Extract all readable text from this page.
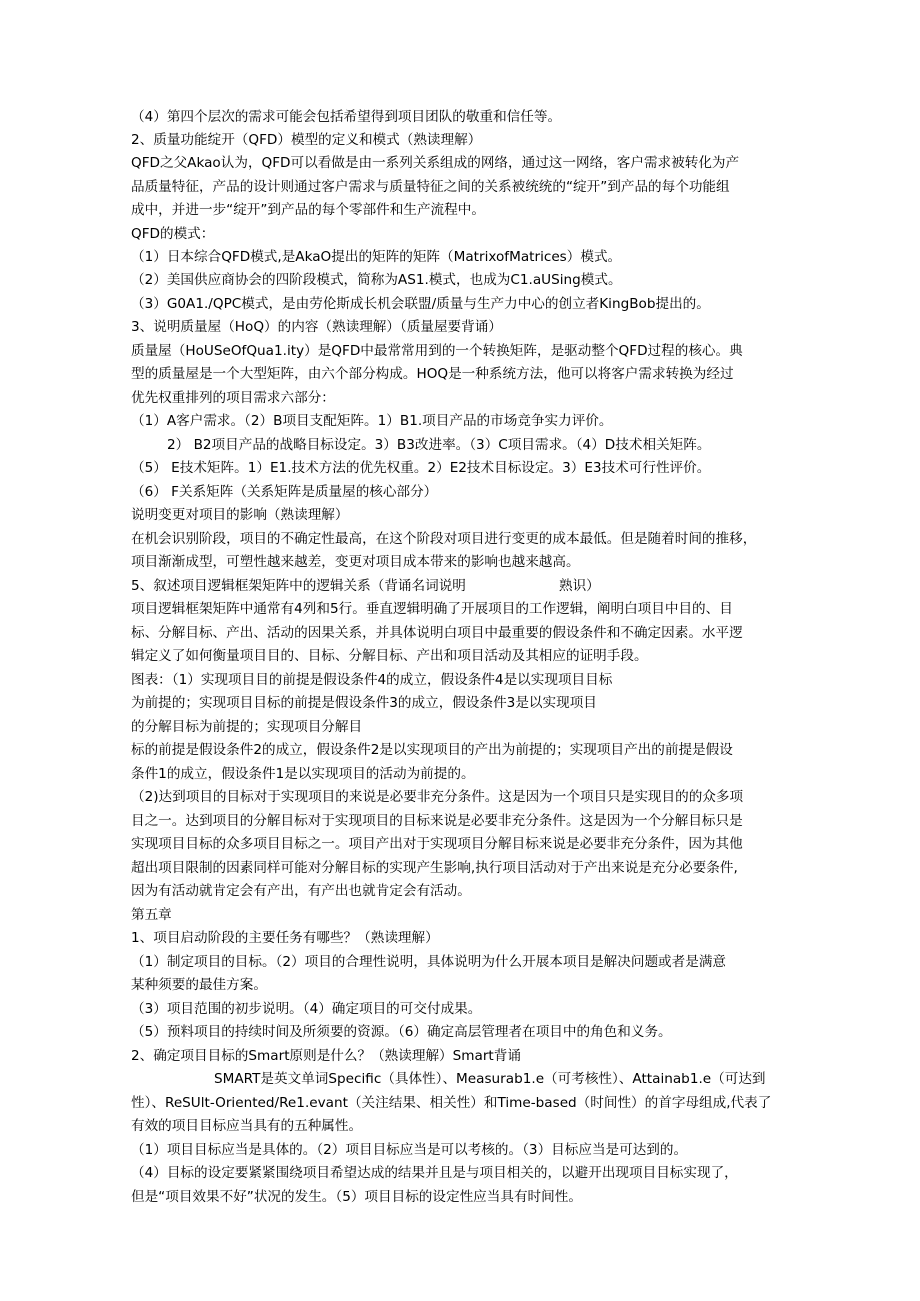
（4）第四个层次的需求可能会包括希望得到项目团队的敬重和信任等。
2、质量功能绽开（QFD）模型的定义和模式（熟读理解）
QFD之父Akao认为，QFD可以看做是由一系列关系组成的网络，通过这一网络，客户需求被转化为产
品质量特征，产品的设计则通过客户需求与质量特征之间的关系被统统的“绽开”到产品的每个功能组
成中，并进一步“绽开”到产品的每个零部件和生产流程中。
QFD的模式：
（1）日本综合QFD模式,是AkaO提出的矩阵的矩阵（MatrixofMatrices）模式。
（2）美国供应商协会的四阶段模式，简称为AS1.模式，也成为C1.aUSing模式。
（3）G0A1./QPC模式，是由劳伦斯成长机会联盟/质量与生产力中心的创立者KingBob提出的。
3、说明质量屋（HoQ）的内容（熟读理解）（质量屋要背诵）
质量屋（HoUSeOfQua1.ity）是QFD中最常常用到的一个转换矩阵，是驱动整个QFD过程的核心。典
型的质量屋是一个大型矩阵，由六个部分构成。HOQ是一种系统方法，他可以将客户需求转换为经过
优先权重排列的项目需求六部分：
（1）A客户需求。（2）B项目支配矩阵。1）B1.项目产品的市场竞争实力评价。
2） B2项目产品的战略目标设定。3）B3改进率。（3）C项目需求。（4）D技术相关矩阵。
（5） E技术矩阵。1）E1.技术方法的优先权重。2）E2技术目标设定。3）E3技术可行性评价。
（6） F关系矩阵（关系矩阵是质量屋的核心部分）
说明变更对项目的影响（熟读理解）
在机会识别阶段，项目的不确定性最高，在这个阶段对项目进行变更的成本最低。但是随着时间的推移，
项目渐渐成型，可塑性越来越差，变更对项目成本带来的影响也越来越高。
5、叙述项目逻辑框架矩阵中的逻辑关系（背诵名词说明	熟识）
项目逻辑框架矩阵中通常有4列和5行。垂直逻辑明确了开展项目的工作逻辑，阐明白项目中目的、目
标、分解目标、产出、活动的因果关系，并具体说明白项目中最重要的假设条件和不确定因素。水平逻
辑定义了如何衡量项目目的、目标、分解目标、产出和项目活动及其相应的证明手段。
图表：（1）实现项目目的前提是假设条件4的成立，假设条件4是以实现项目目标
为前提的；实现项目目标的前提是假设条件3的成立，假设条件3是以实现项目
的分解目标为前提的；实现项目分解目
标的前提是假设条件2的成立，假设条件2是以实现项目的产出为前提的；实现项目产出的前提是假设
条件1的成立，假设条件1是以实现项目的活动为前提的。
（2)达到项目的目标对于实现项目的来说是必要非充分条件。这是因为一个项目只是实现目的的众多项
目之一。达到项目的分解目标对于实现项目的目标来说是必要非充分条件。这是因为一个分解目标只是
实现项目目标的众多项目目标之一。项目产出对于实现项目分解目标来说是必要非充分条件，因为其他
超出项目限制的因素同样可能对分解目标的实现产生影响,执行项目活动对于产出来说是充分必要条件,
因为有活动就肯定会有产出，有产出也就肯定会有活动。
第五章
1、项目启动阶段的主要任务有哪些？（熟读理解）
（1）制定项目的目标。（2）项目的合理性说明，具体说明为什么开展本项目是解决问题或者是满意
某种须要的最佳方案。
（3）项目范围的初步说明。（4）确定项目的可交付成果。
（5）预料项目的持续时间及所须要的资源。（6）确定高层管理者在项目中的角色和义务。
2、确定项目目标的Smart原则是什么？（熟读理解）Smart背诵
SMART是英文单词Specific（具体性）、Measurab1.e（可考核性）、Attainab1.e（可达到
性）、ReSUlt-Oriented/Re1.evant（关注结果、相关性）和Time-based（时间性）的首字母组成,代表了
有效的项目目标应当具有的五种属性。
（1）项目目标应当是具体的。（2）项目目标应当是可以考核的。（3）目标应当是可达到的。
（4）目标的设定要紧紧围绕项目希望达成的结果并且是与项目相关的，以避开出现项目目标实现了，
但是“项目效果不好”状况的发生。（5）项目目标的设定性应当具有时间性。
